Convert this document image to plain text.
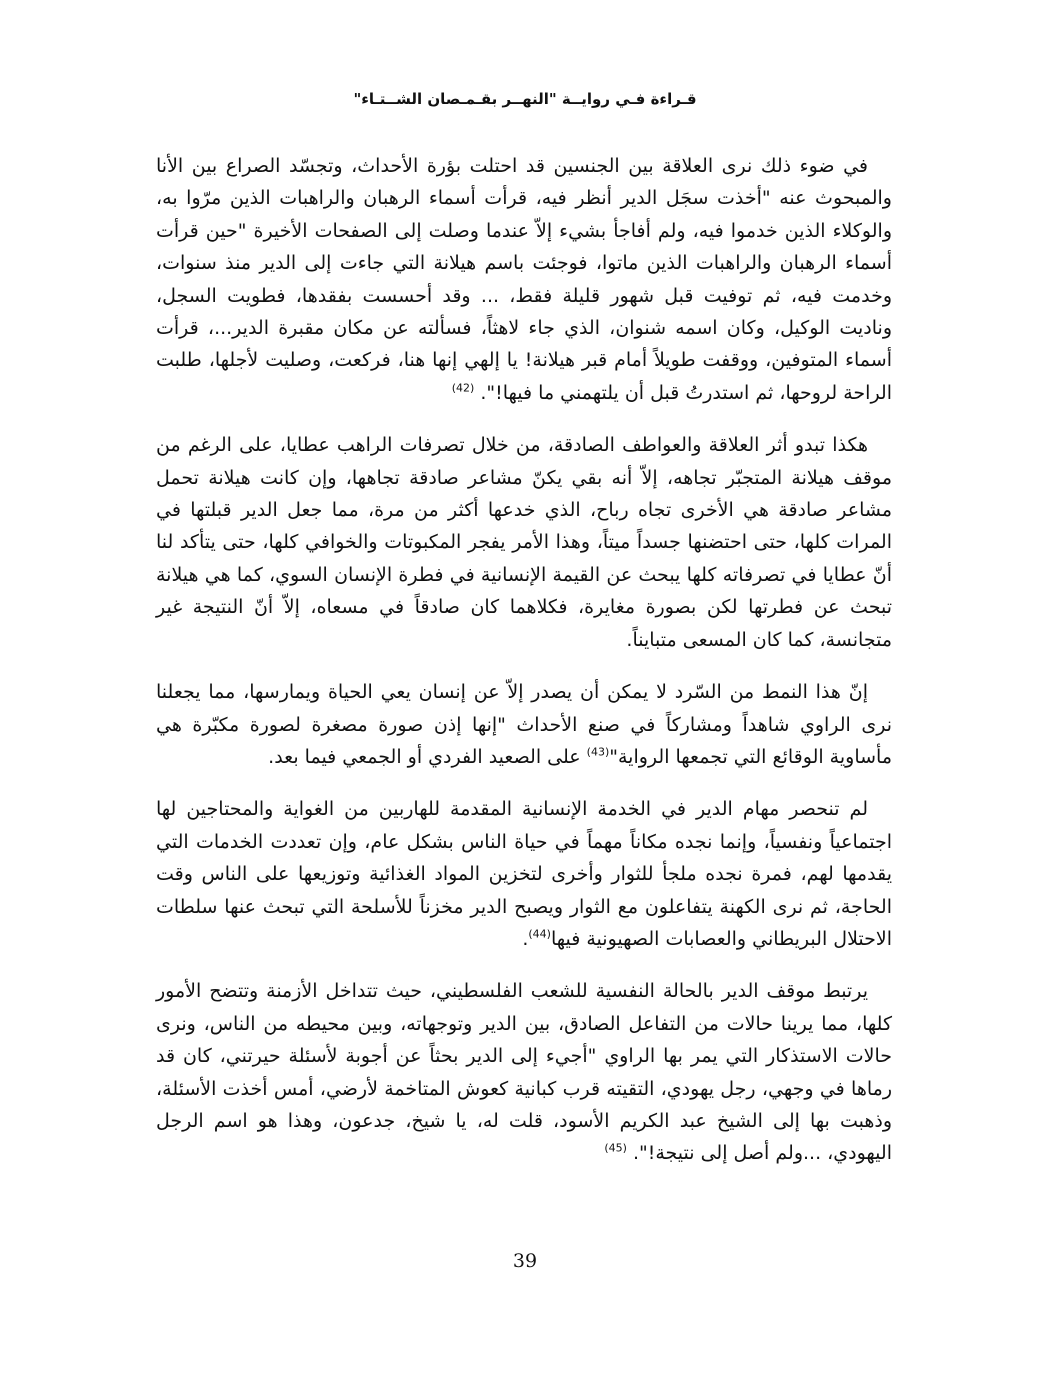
قـراءة فـي روايــة "النهــر بقـمـصان الشــتـاء"

في ضوء ذلك نرى العلاقة بين الجنسين قد احتلت بؤرة الأحداث، وتجسّد الصراع بين الأنا والمبحوث عنه "أخذت سجَل الدير أنظر فيه، قرأت أسماء الرهبان والراهبات الذين مرّوا به، والوكلاء الذين خدموا فيه، ولم أفاجأ بشيء إلاّ عندما وصلت إلى الصفحات الأخيرة "حين قرأت أسماء الرهبان والراهبات الذين ماتوا، فوجئت باسم هيلانة التي جاءت إلى الدير منذ سنوات، وخدمت فيه، ثم توفيت قبل شهور قليلة فقط، ... وقد أحسست بفقدها، فطويت السجل، وناديت الوكيل، وكان اسمه شنوان، الذي جاء لاهثاً، فسألته عن مكان مقبرة الدير...، قرأت أسماء المتوفين، ووقفت طويلاً أمام قبر هيلانة! يا إلهي إنها هنا، فركعت، وصليت لأجلها، طلبت الراحة لروحها، ثم استدرتُ قبل أن يلتهمني ما فيها!". $^{(42)}$

هكذا تبدو أثر العلاقة والعواطف الصادقة، من خلال تصرفات الراهب عطايا، على الرغم من موقف هيلانة المتجبّر تجاهه، إلاّ أنه بقي يكنّ مشاعر صادقة تجاهها، وإن كانت هيلانة تحمل مشاعر صادقة هي الأخرى تجاه رباح، الذي خدعها أكثر من مرة، مما جعل الدير قبلتها في المرات كلها، حتى احتضنها جسداً ميتاً، وهذا الأمر يفجر المكبوتات والخوافي كلها، حتى يتأكد لنا أنّ عطايا في تصرفاته كلها يبحث عن القيمة الإنسانية في فطرة الإنسان السوي، كما هي هيلانة تبحث عن فطرتها لكن بصورة مغايرة، فكلاهما كان صادقاً في مسعاه، إلاّ أنّ النتيجة غير متجانسة، كما كان المسعى متبايناً.

إنّ هذا النمط من السّرد لا يمكن أن يصدر إلاّ عن إنسان يعي الحياة ويمارسها، مما يجعلنا نرى الراوي شاهداً ومشاركاً في صنع الأحداث "إنها إذن صورة مصغرة لصورة مكبّرة هي مأساوية الوقائع التي تجمعها الرواية"$^{(43)}$ على الصعيد الفردي أو الجمعي فيما بعد.

لم تنحصر مهام الدير في الخدمة الإنسانية المقدمة للهاربين من الغواية والمحتاجين لها اجتماعياً ونفسياً، وإنما نجده مكاناً مهماً في حياة الناس بشكل عام، وإن تعددت الخدمات التي يقدمها لهم، فمرة نجده ملجأ للثوار وأخرى لتخزين المواد الغذائية وتوزيعها على الناس وقت الحاجة، ثم نرى الكهنة يتفاعلون مع الثوار ويصبح الدير مخزناً للأسلحة التي تبحث عنها سلطات الاحتلال البريطاني والعصابات الصهيونية فيها$^{(44)}$.

يرتبط موقف الدير بالحالة النفسية للشعب الفلسطيني، حيث تتداخل الأزمنة وتتضح الأمور كلها، مما يرينا حالات من التفاعل الصادق، بين الدير وتوجهاته، وبين محيطه من الناس، ونرى حالات الاستذكار التي يمر بها الراوي "أجيء إلى الدير بحثاً عن أجوبة لأسئلة حيرتني، كان قد رماها في وجهي، رجل يهودي، التقيته قرب كبانية كعوش المتاخمة لأرضي، أمس أخذت الأسئلة، وذهبت بها إلى الشيخ عبد الكريم الأسود، قلت له، يا شيخ، جدعون، وهذا هو اسم الرجل اليهودي، ...ولم أصل إلى نتيجة!". $^{(45)}$

39
